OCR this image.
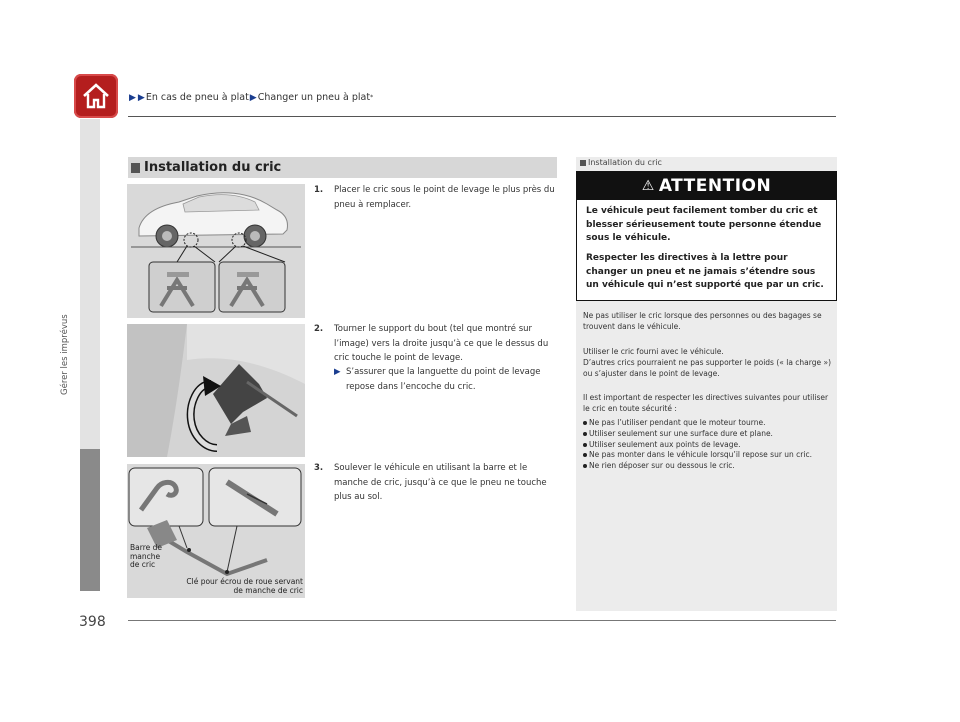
▶ ▶ En cas de pneu à plat ▶ Changer un pneu à plat *
Gérer les imprévus
398
Installation du cric
Barre de
manche
de cric
Clé pour écrou de roue servant
de manche de cric
1. Placer le cric sous le point de levage le plus près du pneu à remplacer.
2. Tourner le support du bout (tel que montré sur l’image) vers la droite jusqu’à ce que le dessus du cric touche le point de levage.
▶ S’assurer que la languette du point de levage repose dans l’encoche du cric.
3. Soulever le véhicule en utilisant la barre et le manche de cric, jusqu’à ce que le pneu ne touche plus au sol.
Installation du cric
⚠ ATTENTION
Le véhicule peut facilement tomber du cric et blesser sérieusement toute personne étendue sous le véhicule.
Respecter les directives à la lettre pour changer un pneu et ne jamais s’étendre sous un véhicule qui n’est supporté que par un cric.
Ne pas utiliser le cric lorsque des personnes ou des bagages se trouvent dans le véhicule.
Utiliser le cric fourni avec le véhicule.
D’autres crics pourraient ne pas supporter le poids (« la charge ») ou s’ajuster dans le point de levage.
Il est important de respecter les directives suivantes pour utiliser le cric en toute sécurité :
Ne pas l’utiliser pendant que le moteur tourne.
Utiliser seulement sur une surface dure et plane.
Utiliser seulement aux points de levage.
Ne pas monter dans le véhicule lorsqu’il repose sur un cric.
Ne rien déposer sur ou dessous le cric.
